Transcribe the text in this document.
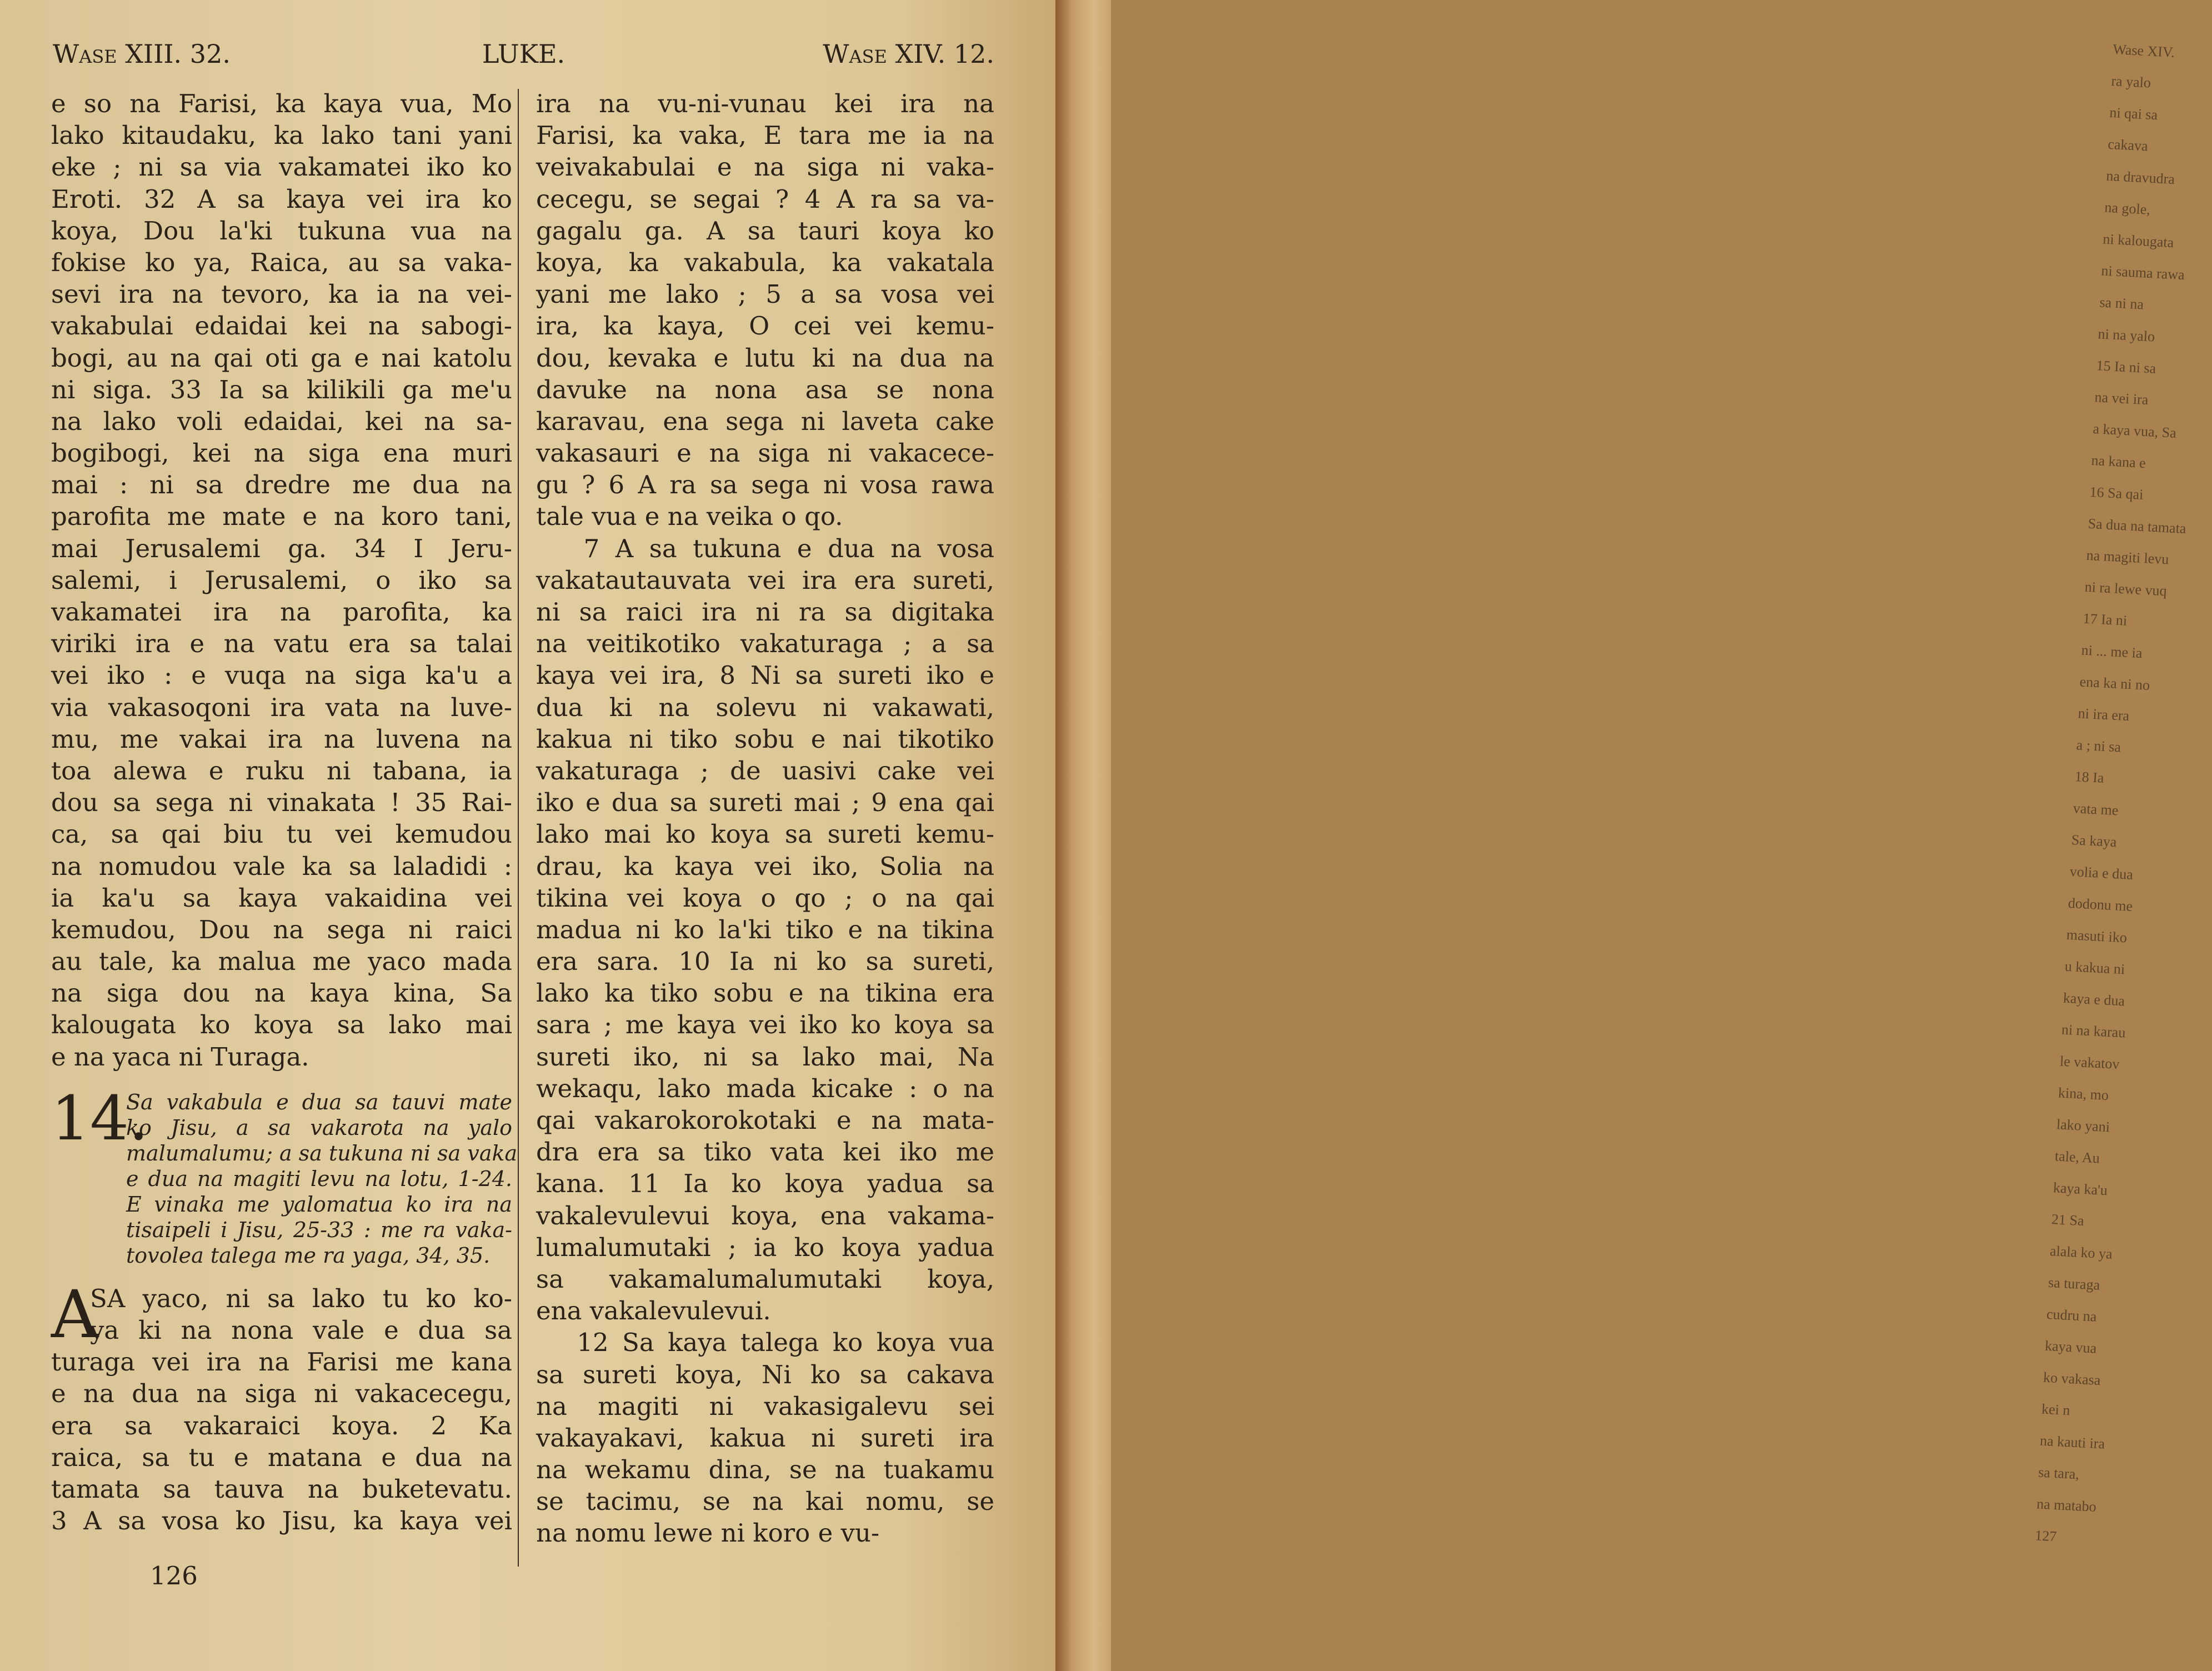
Wase XIII. 32.	LUKE.	Wase XIV. 12.
e so na Farisi, ka kaya vua, Mo
lako kitaudaku, ka lako tani yani
eke ; ni sa via vakamatei iko ko
Eroti. 32 A sa kaya vei ira ko
koya, Dou la'ki tukuna vua na
fokise ko ya, Raica, au sa vaka-
sevi ira na tevoro, ka ia na vei-
vakabulai edaidai kei na sabogi-
bogi, au na qai oti ga e nai katolu
ni siga. 33 Ia sa kilikili ga me'u
na lako voli edaidai, kei na sa-
bogibogi, kei na siga ena muri
mai : ni sa dredre me dua na
parofita me mate e na koro tani,
mai Jerusalemi ga. 34 I Jeru-
salemi, i Jerusalemi, o iko sa
vakamatei ira na parofita, ka
viriki ira e na vatu era sa talai
vei iko : e vuqa na siga ka'u a
via vakasoqoni ira vata na luve-
mu, me vakai ira na luvena na
toa alewa e ruku ni tabana, ia
dou sa sega ni vinakata ! 35 Rai-
ca, sa qai biu tu vei kemudou
na nomudou vale ka sa laladidi :
ia ka'u sa kaya vakaidina vei
kemudou, Dou na sega ni raici
au tale, ka malua me yaco mada
na siga dou na kaya kina, Sa
kalougata ko koya sa lako mai
e na yaca ni Turaga.
14.
Sa vakabula e dua sa tauvi mate
ko Jisu, a sa vakarota na yalo
malumalumu; a sa tukuna ni sa vaka
e dua na magiti levu na lotu, 1-24.
E vinaka me yalomatua ko ira na
tisaipeli i Jisu, 25-33 : me ra vaka-
tovolea talega me ra yaga, 34, 35.
A
SA yaco, ni sa lako tu ko ko-
ya ki na nona vale e dua sa
turaga vei ira na Farisi me kana
e na dua na siga ni vakacecegu,
era sa vakaraici koya. 2 Ka
raica, sa tu e matana e dua na
tamata sa tauva na buketevatu.
3 A sa vosa ko Jisu, ka kaya vei
ira na vu-ni-vunau kei ira na
Farisi, ka vaka, E tara me ia na
veivakabulai e na siga ni vaka-
cecegu, se segai ? 4 A ra sa va-
gagalu ga. A sa tauri koya ko
koya, ka vakabula, ka vakatala
yani me lako ; 5 a sa vosa vei
ira, ka kaya, O cei vei kemu-
dou, kevaka e lutu ki na dua na
davuke na nona asa se nona
karavau, ena sega ni laveta cake
vakasauri e na siga ni vakacece-
gu ? 6 A ra sa sega ni vosa rawa
tale vua e na veika o qo.
7 A sa tukuna e dua na vosa
vakatautauvata vei ira era sureti,
ni sa raici ira ni ra sa digitaka
na veitikotiko vakaturaga ; a sa
kaya vei ira, 8 Ni sa sureti iko e
dua ki na solevu ni vakawati,
kakua ni tiko sobu e nai tikotiko
vakaturaga ; de uasivi cake vei
iko e dua sa sureti mai ; 9 ena qai
lako mai ko koya sa sureti kemu-
drau, ka kaya vei iko, Solia na
tikina vei koya o qo ; o na qai
madua ni ko la'ki tiko e na tikina
era sara. 10 Ia ni ko sa sureti,
lako ka tiko sobu e na tikina era
sara ; me kaya vei iko ko koya sa
sureti iko, ni sa lako mai, Na
wekaqu, lako mada kicake : o na
qai vakarokorokotaki e na mata-
dra era sa tiko vata kei iko me
kana. 11 Ia ko koya yadua sa
vakalevulevui koya, ena vakama-
lumalumutaki ; ia ko koya yadua
sa vakamalumalumutaki koya,
ena vakalevulevui.
12 Sa kaya talega ko koya vua
sa sureti koya, Ni ko sa cakava
na magiti ni vakasigalevu sei
vakayakavi, kakua ni sureti ira
na wekamu dina, se na tuakamu
se tacimu, se na kai nomu, se
na nomu lewe ni koro e vu-
126
Wase XIV.
ra yalo
ni qai sa
cakava
na dravudra
na gole,
ni kalougata
ni sauma rawa
sa ni na
ni na yalo
15 Ia ni sa
na vei ira
a kaya vua, Sa
na kana e
16 Sa qai
Sa dua na tamata
na magiti levu
ni ra lewe vuq
17 Ia ni
ni ... me ia
ena ka ni no
ni ira era
a ; ni sa
18 Ia
vata me
Sa kaya
volia e dua
dodonu me
masuti iko
u kakua ni
kaya e dua
ni na karau
le vakatov
kina, mo
lako yani
tale, Au
kaya ka'u
21 Sa
alala ko ya
sa turaga
cudru na
kaya vua
ko vakasa
kei n
na kauti ira
sa tara,
na matabo
127
